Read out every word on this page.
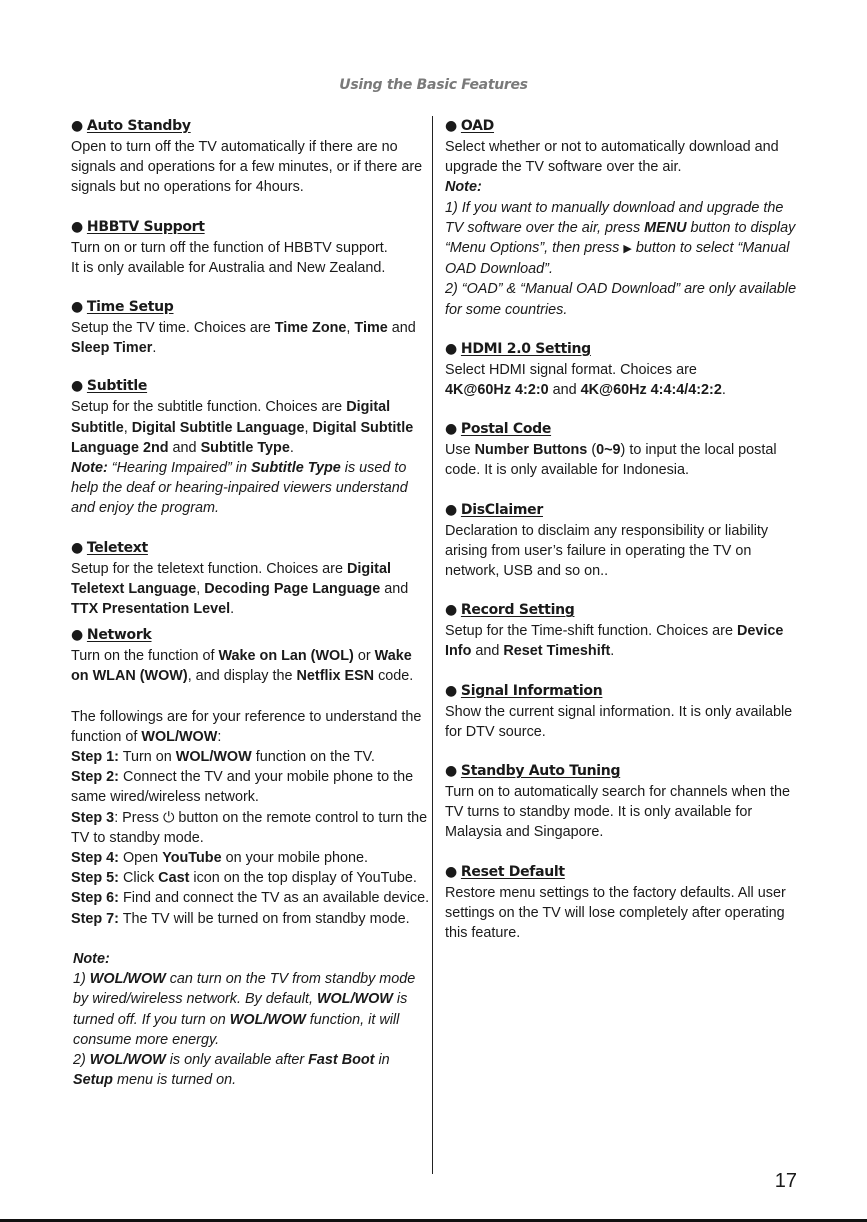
Using the Basic Features
● Auto Standby

Open to turn off the TV automatically if there are no signals and operations for a few minutes, or if there are signals but no operations for 4hours.

● HBBTV Support

Turn on or turn off the function of HBBTV support.

It is only available for Australia and New Zealand.

● Time Setup

Setup the TV time. Choices are Time Zone, Time and Sleep Timer.

● Subtitle

Setup for the subtitle function. Choices are Digital Subtitle, Digital Subtitle Language, Digital Subtitle Language 2nd and Subtitle Type.

Note: “Hearing Impaired” in Subtitle Type is used to help the deaf or hearing-inpaired viewers understand and enjoy the program.

● Teletext

Setup for the teletext function. Choices are Digital Teletext Language, Decoding Page Language and TTX Presentation Level.

● Network

Turn on the function of Wake on Lan (WOL) or Wake on WLAN (WOW), and display the Netflix ESN code.

The followings are for your reference to understand the function of WOL/WOW:

Step 1: Turn on WOL/WOW function on the TV.

Step 2: Connect the TV and your mobile phone to the same wired/wireless network.

Step 3: Press ⏻ button on the remote control to turn the TV to standby mode.

Step 4: Open YouTube on your mobile phone.

Step 5: Click Cast icon on the top display of YouTube.

Step 6: Find and connect the TV as an available device.

Step 7: The TV will be turned on from standby mode.

Note:

1) WOL/WOW can turn on the TV from standby mode by wired/wireless network. By default, WOL/WOW is turned off. If you turn on WOL/WOW function, it will consume more energy.

2) WOL/WOW is only available after Fast Boot in Setup menu is turned on.

● OAD

Select whether or not to automatically download and upgrade the TV software over the air.

Note:

1) If you want to manually download and upgrade the TV software over the air, press MENU button to display “Menu Options”, then press ▶ button to select “Manual OAD Download”.

2) “OAD” & “Manual OAD Download” are only available for some countries.

● HDMI 2.0 Setting

Select HDMI signal format. Choices are

4K@60Hz 4:2:0 and 4K@60Hz 4:4:4/4:2:2.

● Postal Code

Use Number Buttons (0~9) to input the local postal code. It is only available for Indonesia.

● DisClaimer

Declaration to disclaim any responsibility or liability arising from user’s failure in operating the TV on network, USB and so on..

● Record Setting

Setup for the Time-shift function. Choices are Device Info and Reset Timeshift.

● Signal Information

Show the current signal information. It is only available for DTV source.

● Standby Auto Tuning

Turn on to automatically search for channels when the TV turns to standby mode. It is only available for Malaysia and Singapore.

● Reset Default

Restore menu settings to the factory defaults. All user settings on the TV will lose completely after operating this feature.

17
